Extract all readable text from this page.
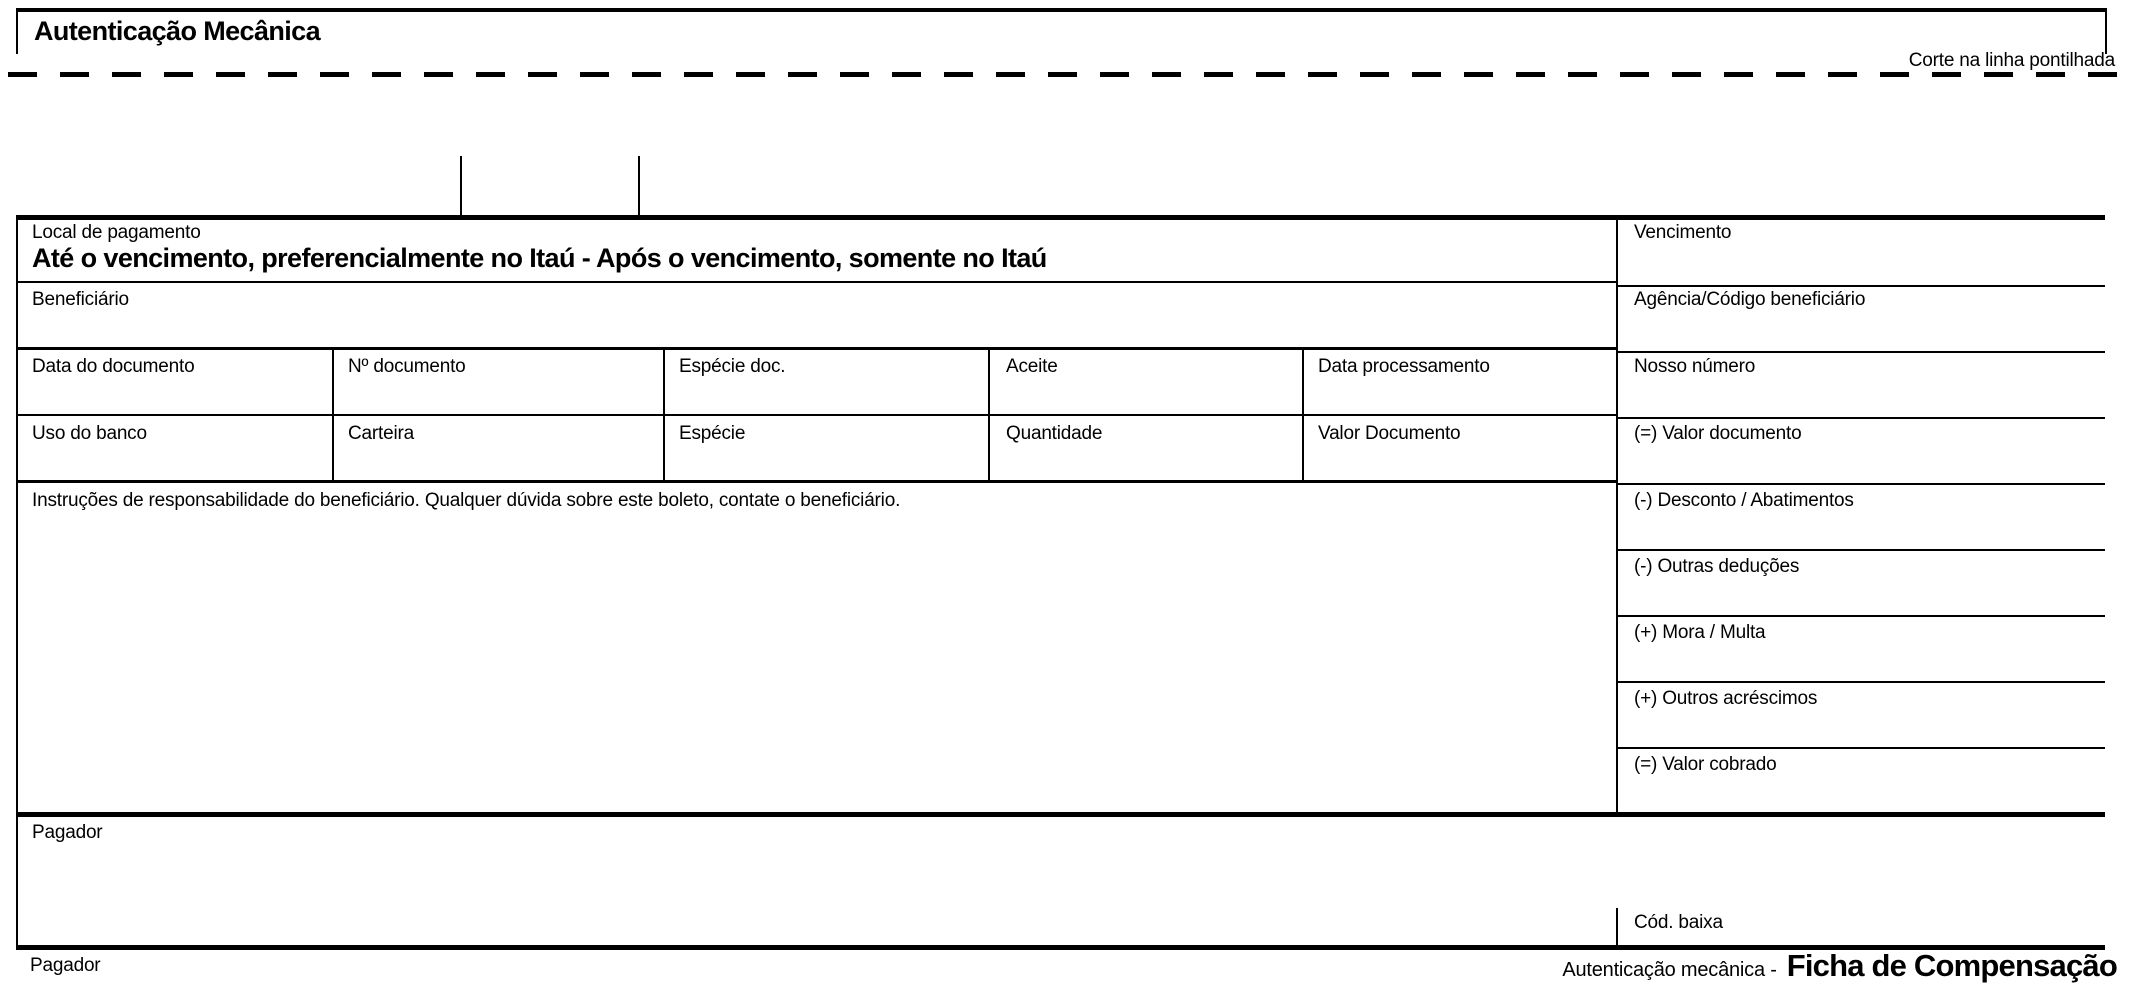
Autenticação Mecânica
Corte na linha pontilhada
Local de pagamento
Até o vencimento, preferencialmente no Itaú - Após o vencimento, somente no Itaú
Vencimento
Beneficiário	Agência/Código beneficiário
Data do documento	Nº documento	Espécie doc.	Aceite	Data processamento	Nosso número
Uso do banco	Carteira	Espécie	Quantidade	Valor Documento	(=) Valor documento
Instruções de responsabilidade do beneficiário. Qualquer dúvida sobre este boleto, contate o beneficiário.	(-) Desconto / Abatimentos
(-) Outras deduções
(+) Mora / Multa
(+) Outros acréscimos
(=) Valor cobrado
Pagador
Cód. baixa
Pagador	Autenticação mecânica - Ficha de Compensação
